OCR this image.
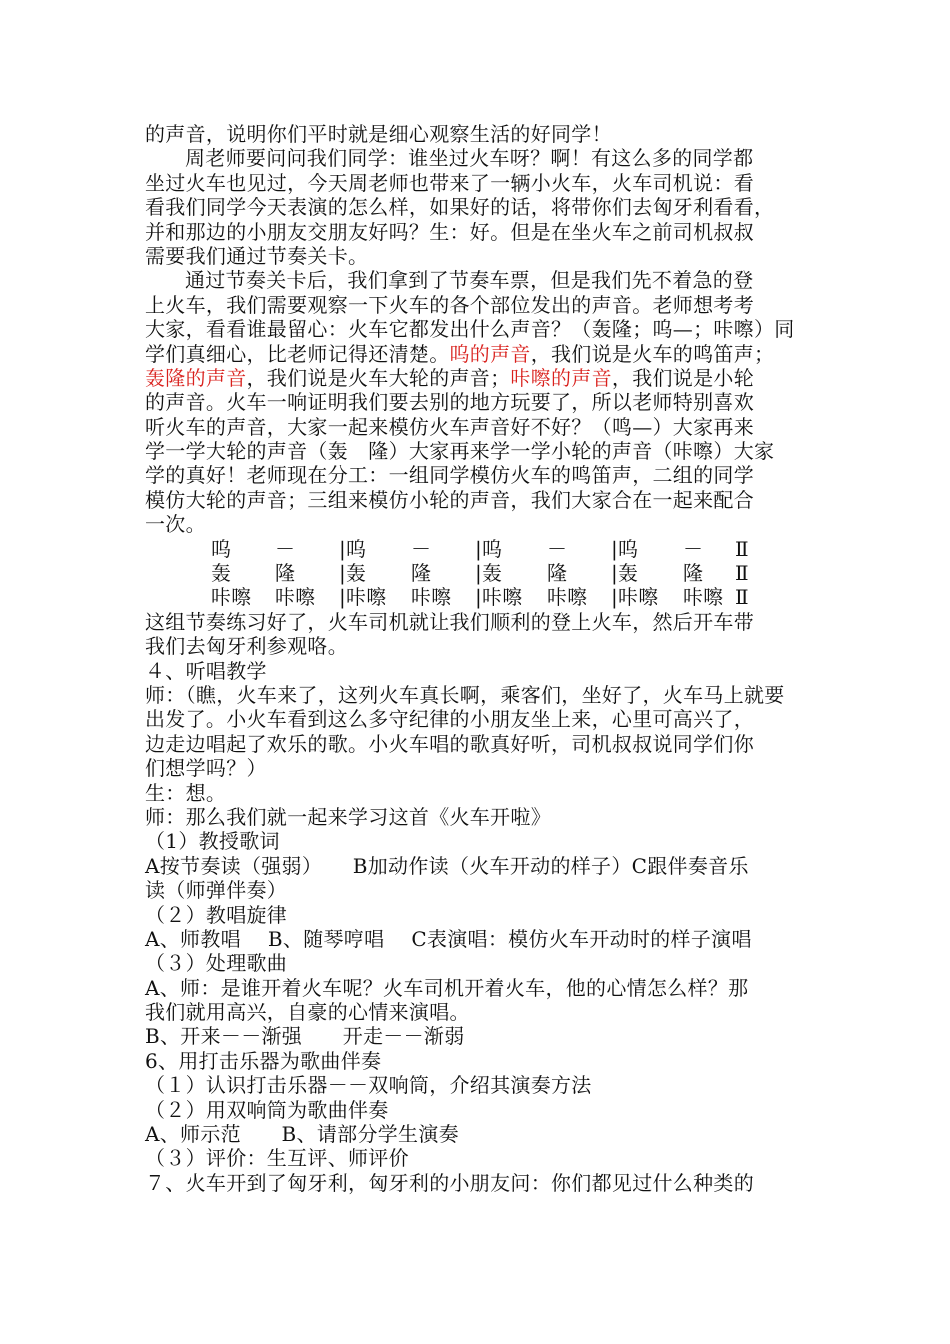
的声音，说明你们平时就是细心观察生活的好同学！
周老师要问问我们同学：谁坐过火车呀？啊！有这么多的同学都
坐过火车也见过，今天周老师也带来了一辆小火车，火车司机说：看
看我们同学今天表演的怎么样，如果好的话，将带你们去匈牙利看看，
并和那边的小朋友交朋友好吗？生：好。但是在坐火车之前司机叔叔
需要我们通过节奏关卡。
通过节奏关卡后，我们拿到了节奏车票，但是我们先不着急的登
上火车，我们需要观察一下火车的各个部位发出的声音。老师想考考
大家，看看谁最留心：火车它都发出什么声音？（轰隆；呜—；咔嚓）同
学们真细心，比老师记得还清楚。呜的声音，我们说是火车的鸣笛声；
轰隆的声音，我们说是火车大轮的声音；咔嚓的声音，我们说是小轮
的声音。火车一响证明我们要去别的地方玩要了，所以老师特别喜欢
听火车的声音，大家一起来模仿火车声音好不好？（鸣—）大家再来
学一学大轮的声音（轰　隆）大家再来学一学小轮的声音（咔嚓）大家
学的真好！老师现在分工：一组同学模仿火车的鸣笛声，二组的同学
模仿大轮的声音；三组来模仿小轮的声音，我们大家合在一起来配合
一次。
呜 － |呜 － |呜 － |呜 － Ⅱ
轰 隆 |轰 隆 |轰 隆 |轰 隆 Ⅱ
咔嚓 咔嚓 |咔嚓 咔嚓 |咔嚓 咔嚓 |咔嚓 咔嚓 Ⅱ
这组节奏练习好了，火车司机就让我们顺利的登上火车，然后开车带
我们去匈牙利参观咯。
４、听唱教学
师：（瞧，火车来了，这列火车真长啊，乘客们，坐好了，火车马上就要
出发了。小火车看到这么多守纪律的小朋友坐上来，心里可高兴了，
边走边唱起了欢乐的歌。小火车唱的歌真好听，司机叔叔说同学们你
们想学吗？）
生：想。
师：那么我们就一起来学习这首《火车开啦》
（1）教授歌词
A按节奏读（强弱）　　B加动作读（火车开动的样子）C跟伴奏音乐
读（师弹伴奏）
（２）教唱旋律
A、师教唱　 B、随琴哼唱　 C表演唱：模仿火车开动时的样子演唱
（３）处理歌曲
A、师：是谁开着火车呢？火车司机开着火车，他的心情怎么样？那
我们就用高兴，自豪的心情来演唱。
B、开来－－渐强　　开走－－渐弱
6、用打击乐器为歌曲伴奏
（１）认识打击乐器－－双响筒，介绍其演奏方法
（２）用双响筒为歌曲伴奏
A、师示范　　B、请部分学生演奏
（３）评价：生互评、师评价
７、火车开到了匈牙利，匈牙利的小朋友问：你们都见过什么种类的
